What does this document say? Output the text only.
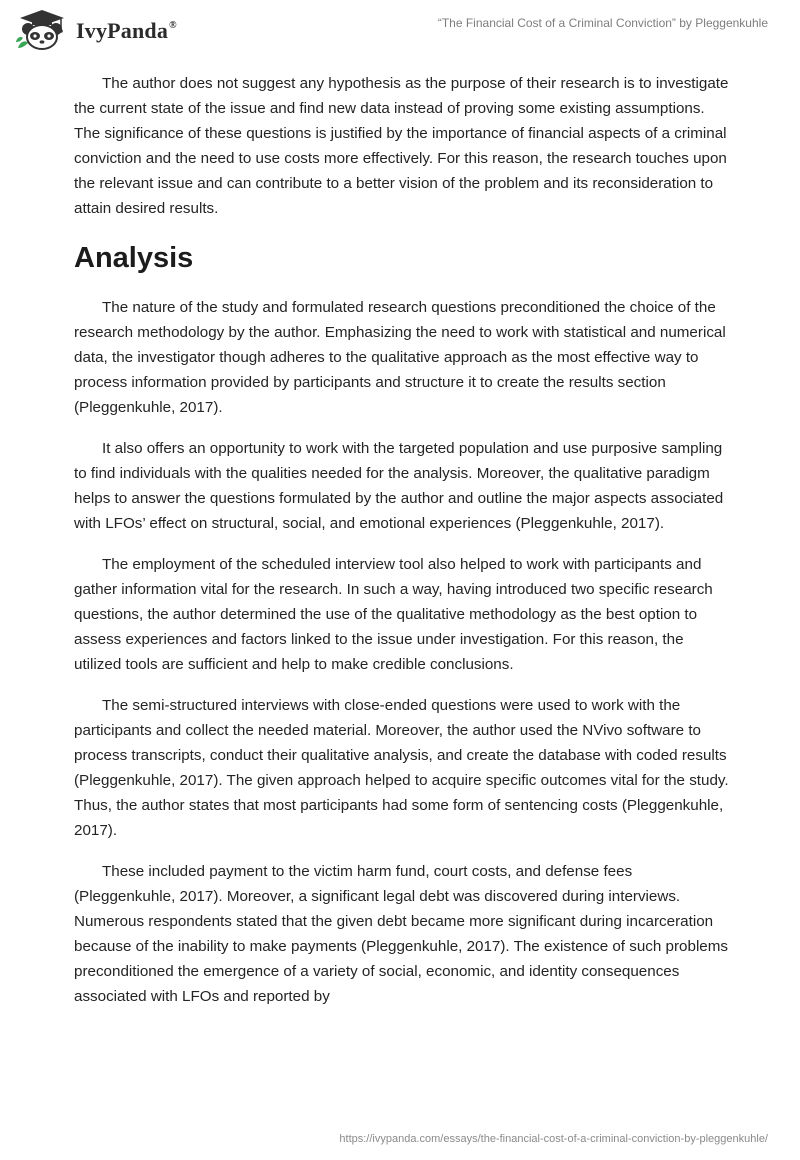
IvyPanda®	“The Financial Cost of a Criminal Conviction” by Pleggenkuhle

The author does not suggest any hypothesis as the purpose of their research is to investigate the current state of the issue and find new data instead of proving some existing assumptions. The significance of these questions is justified by the importance of financial aspects of a criminal conviction and the need to use costs more effectively. For this reason, the research touches upon the relevant issue and can contribute to a better vision of the problem and its reconsideration to attain desired results.

Analysis

The nature of the study and formulated research questions preconditioned the choice of the research methodology by the author. Emphasizing the need to work with statistical and numerical data, the investigator though adheres to the qualitative approach as the most effective way to process information provided by participants and structure it to create the results section (Pleggenkuhle, 2017).

It also offers an opportunity to work with the targeted population and use purposive sampling to find individuals with the qualities needed for the analysis. Moreover, the qualitative paradigm helps to answer the questions formulated by the author and outline the major aspects associated with LFOs’ effect on structural, social, and emotional experiences (Pleggenkuhle, 2017).

The employment of the scheduled interview tool also helped to work with participants and gather information vital for the research. In such a way, having introduced two specific research questions, the author determined the use of the qualitative methodology as the best option to assess experiences and factors linked to the issue under investigation. For this reason, the utilized tools are sufficient and help to make credible conclusions.

The semi-structured interviews with close-ended questions were used to work with the participants and collect the needed material. Moreover, the author used the NVivo software to process transcripts, conduct their qualitative analysis, and create the database with coded results (Pleggenkuhle, 2017). The given approach helped to acquire specific outcomes vital for the study. Thus, the author states that most participants had some form of sentencing costs (Pleggenkuhle, 2017).

These included payment to the victim harm fund, court costs, and defense fees (Pleggenkuhle, 2017). Moreover, a significant legal debt was discovered during interviews. Numerous respondents stated that the given debt became more significant during incarceration because of the inability to make payments (Pleggenkuhle, 2017). The existence of such problems preconditioned the emergence of a variety of social, economic, and identity consequences associated with LFOs and reported by

https://ivypanda.com/essays/the-financial-cost-of-a-criminal-conviction-by-pleggenkuhle/
